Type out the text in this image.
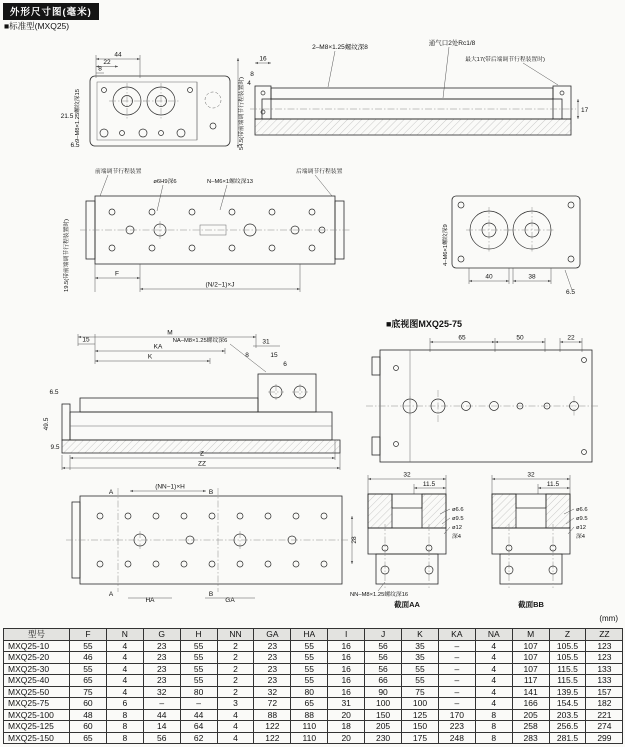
44
22
8
9–M8×1.25螺纹深15
21.5
6.5	54.5(带前端调节行程装置时)
2–M8×1.25螺纹深8
通气口2处Rc1/8
最大17(带后端调节行程装置时)
16
8
4
17
前端调节行程装置
ø6H9深6	N–M6×1螺纹深13
后端调节行程装置
19.5(带前端调节行程装置时)	F
(N/2−1)×J
4–M6×1螺纹深9
40	38
6.5
65	50	22
M
15
KA
K
31
8	15
6
NA–M8×1.25螺纹深6
6.5
49.5
9.5
Z
ZZ
A
A
B
B
(NN−1)×H
HA	GA
28
32
11.5
ø6.6
ø9.5
ø12
深4
NN–M8×1.25螺纹深16
截面AA
32
11.5
ø6.6
ø9.5
ø12
深4
截面BB
外形尺寸图(毫米)
■标准型(MXQ25)
■底视图MXQ25-75
(mm)
型号	F	N	G	H	NN	GA	HA	I	J	K	KA	NA	M	Z	ZZ
MXQ25-10	55	4	23	55	2	23	55	16	56	35	–	4	107	105.5	123
MXQ25-20	46	4	23	55	2	23	55	16	56	35	–	4	107	105.5	123
MXQ25-30	55	4	23	55	2	23	55	16	56	55	–	4	107	115.5	133
MXQ25-40	65	4	23	55	2	23	55	16	66	55	–	4	117	115.5	133
MXQ25-50	75	4	32	80	2	32	80	16	90	75	–	4	141	139.5	157
MXQ25-75	60	6	–	–	3	72	65	31	100	100	–	4	166	154.5	182
MXQ25-100	48	8	44	44	4	88	88	20	150	125	170	8	205	203.5	221
MXQ25-125	60	8	14	64	4	122	110	18	205	150	223	8	258	256.5	274
MXQ25-150	65	8	56	62	4	122	110	20	230	175	248	8	283	281.5	299
